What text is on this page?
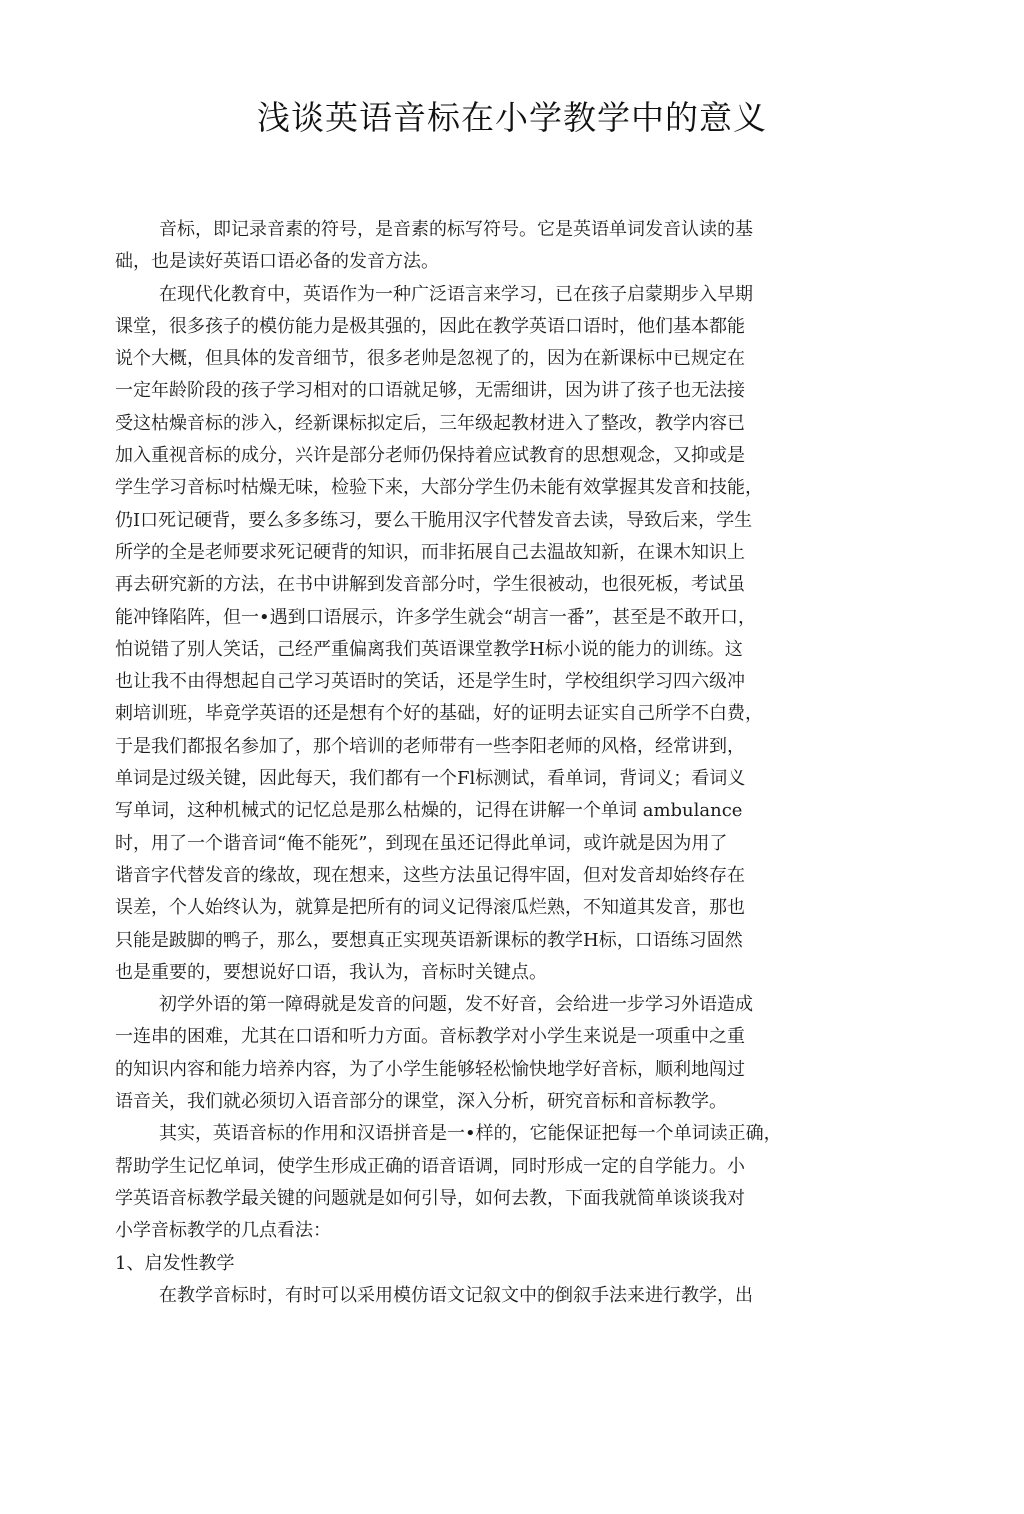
浅谈英语音标在小学教学中的意义

音标，即记录音素的符号，是音素的标写符号。它是英语单词发音认读的基

础，也是读好英语口语必备的发音方法。

在现代化教育中，英语作为一种广泛语言来学习，已在孩子启蒙期步入早期

课堂，很多孩子的模仿能力是极其强的，因此在教学英语口语时，他们基本都能

说个大概，但具体的发音细节，很多老帅是忽视了的，因为在新课标中已规定在

一定年龄阶段的孩子学习相对的口语就足够，无需细讲，因为讲了孩子也无法接

受这枯燥音标的涉入，经新课标拟定后，三年级起教材进入了整改，教学内容已

加入重视音标的成分，兴许是部分老师仍保持着应试教育的思想观念，又抑或是

学生学习音标吋枯燥无味，检验下来，大部分学生仍未能有效掌握其发音和技能，

仍I口死记硬背，要么多多练习，要么干脆用汉字代替发音去读，导致后来，学生

所学的全是老师要求死记硬背的知识，而非拓展自己去温故知新，在课木知识上

再去研究新的方法，在书中讲解到发音部分吋，学生很被动，也很死板，考试虽

能冲锋陷阵，但一•遇到口语展示，许多学生就会“胡言一番”，甚至是不敢开口，

怕说错了别人笑话，己经严重偏离我们英语课堂教学H标小说的能力的训练。这

也让我不由得想起自己学习英语时的笑话，还是学生时，学校组织学习四六级冲

刺培训班，毕竟学英语的还是想有个好的基础，好的证明去证实自己所学不白费，

于是我们都报名参加了，那个培训的老师带有一些李阳老师的风格，经常讲到，

单词是过级关键，因此每天，我们都有一个Fl标测试，看单词，背词义；看词义

写单词，这种机械式的记忆总是那么枯燥的，记得在讲解一个单词 ambulance

时，用了一个谐音词“俺不能死”，到现在虽还记得此单词，或许就是因为用了

谐音字代替发音的缘故，现在想来，这些方法虽记得牢固，但对发音却始终存在

误差，个人始终认为，就算是把所有的词义记得滚瓜烂熟，不知道其发音，那也

只能是跛脚的鸭子，那么，要想真正实现英语新课标的教学H标，口语练习固然

也是重要的，要想说好口语，我认为，音标时关键点。

初学外语的第一障碍就是发音的问题，发不好音，会给进一步学习外语造成

一连串的困难，尤其在口语和听力方面。音标教学对小学生来说是一项重中之重

的知识内容和能力培养内容，为了小学生能够轻松愉快地学好音标，顺利地闯过

语音关，我们就必须切入语音部分的课堂，深入分析，研究音标和音标教学。

其实，英语音标的作用和汉语拼音是一•样的，它能保证把每一个单词读正确，

帮助学生记忆单词，使学生形成正确的语音语调，同时形成一定的自学能力。小

学英语音标教学最关键的问题就是如何引导，如何去教，下面我就简单谈谈我对

小学音标教学的几点看法：

1、启发性教学

在教学音标时，有时可以采用模仿语文记叙文中的倒叙手法来进行教学，出
